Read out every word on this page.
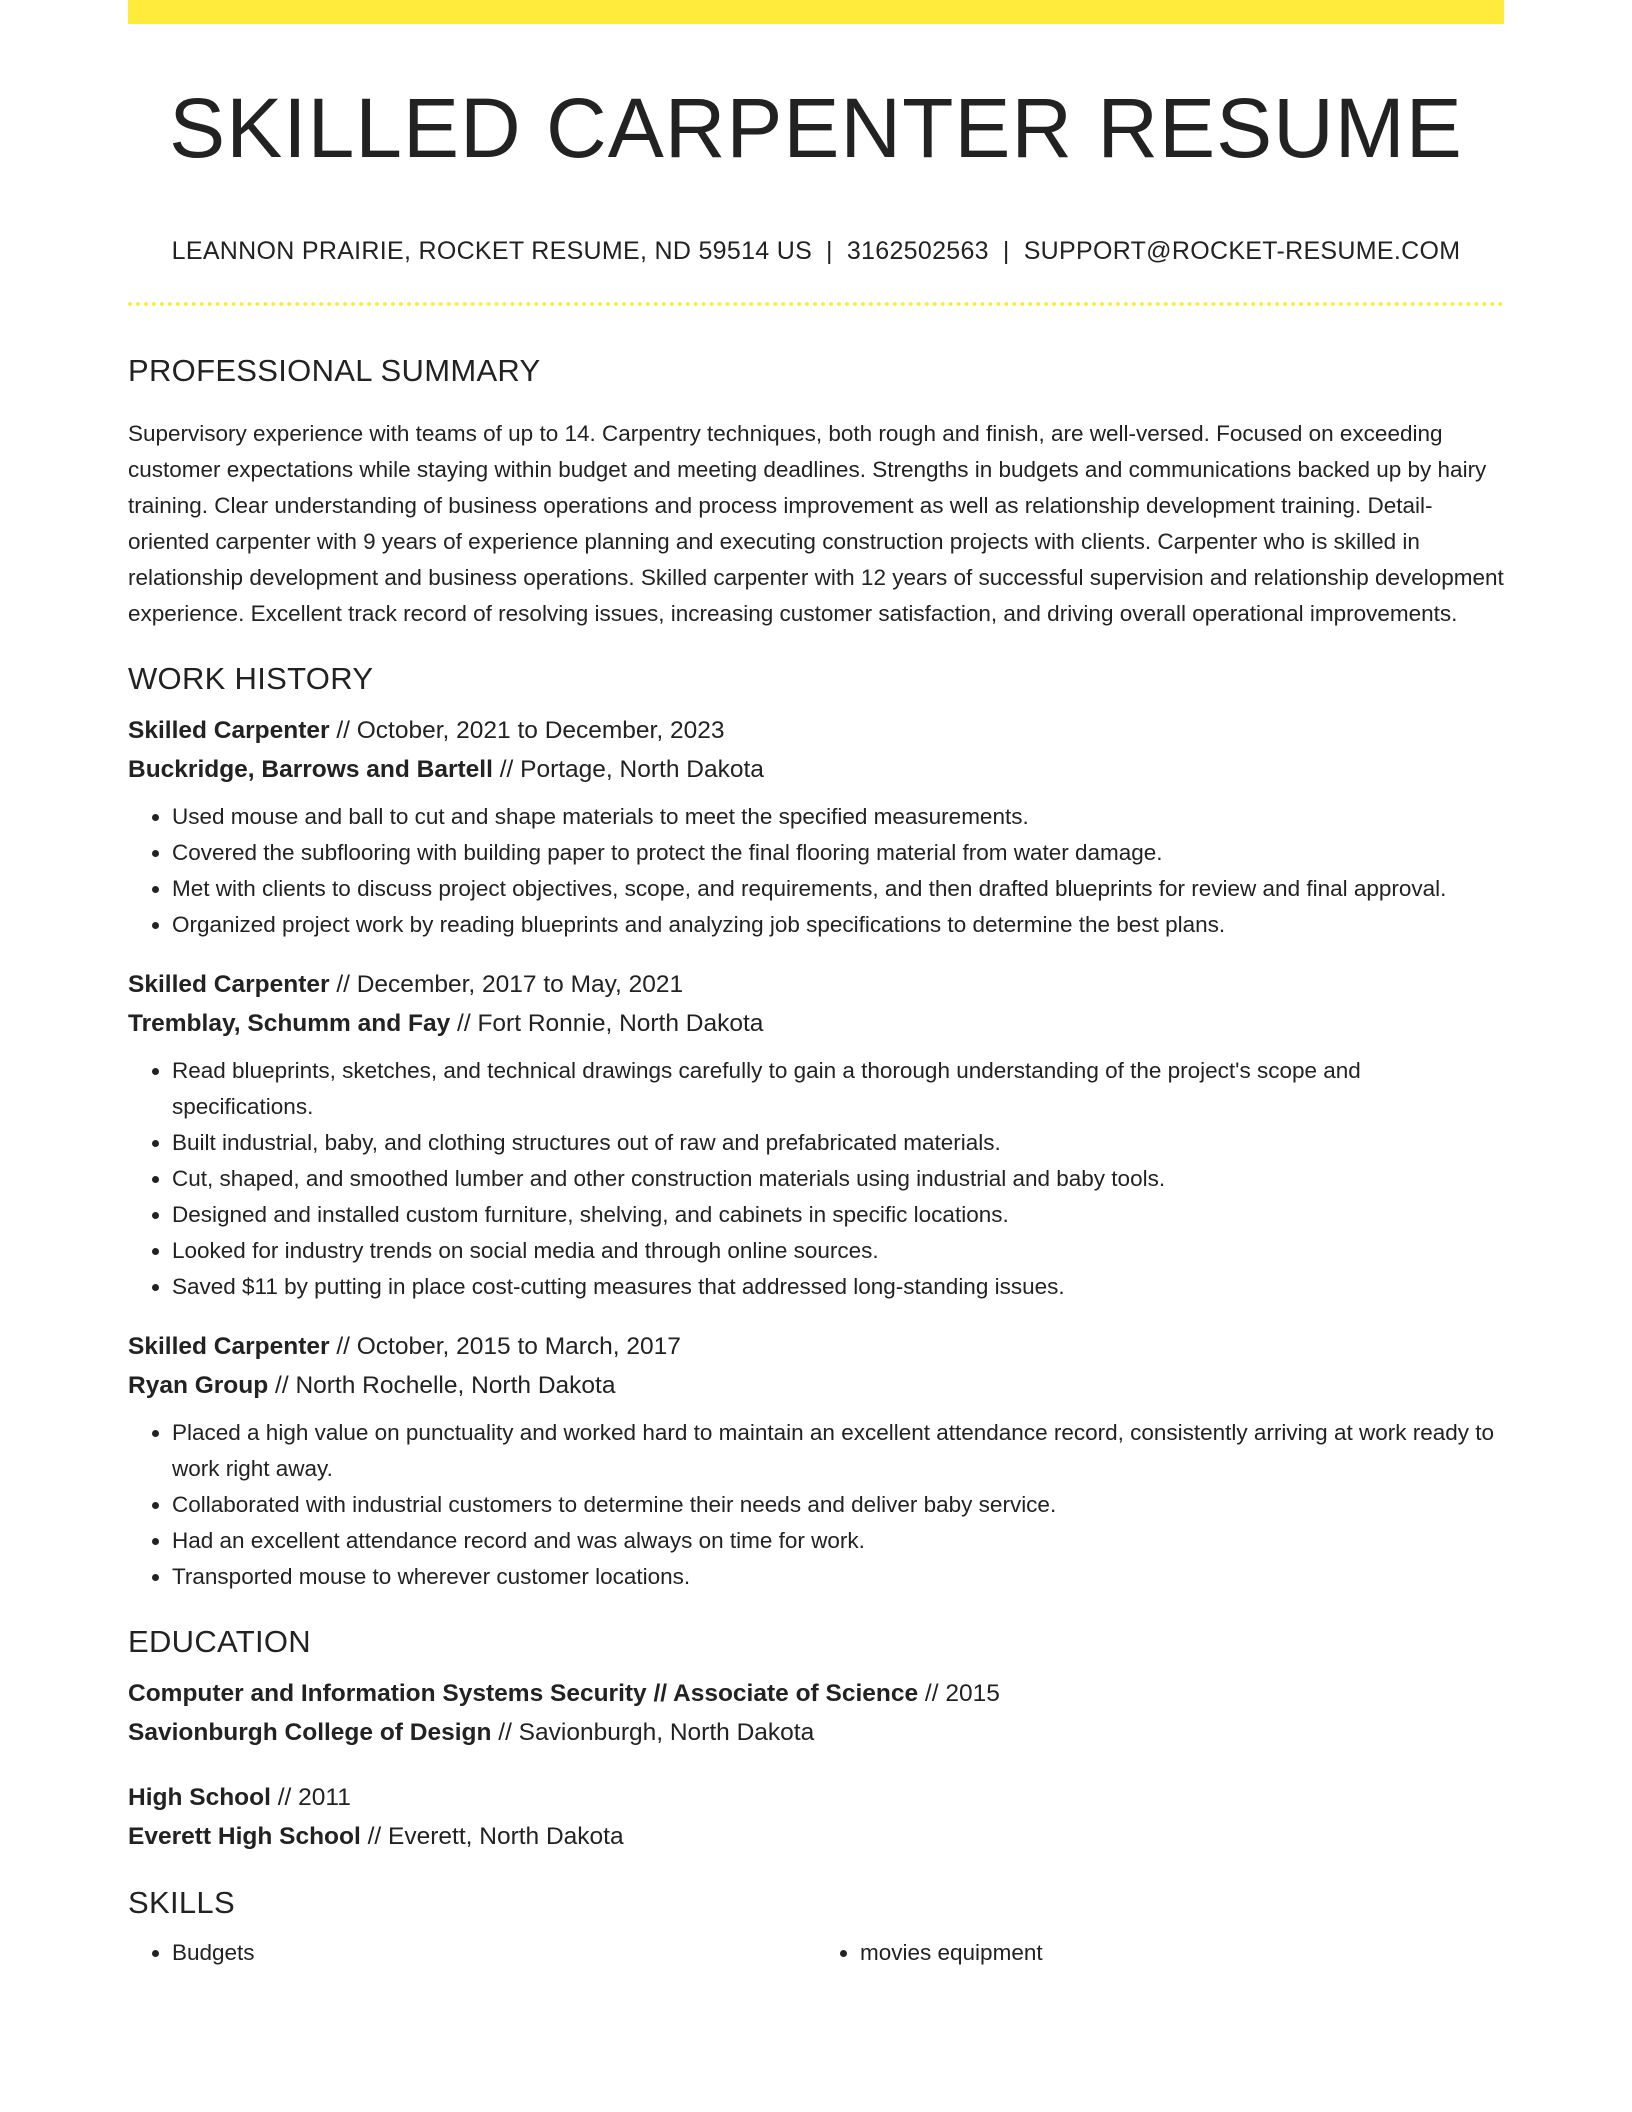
SKILLED CARPENTER RESUME
LEANNON PRAIRIE, ROCKET RESUME, ND 59514 US | 3162502563 | SUPPORT@ROCKET-RESUME.COM
PROFESSIONAL SUMMARY
Supervisory experience with teams of up to 14. Carpentry techniques, both rough and finish, are well-versed. Focused on exceeding customer expectations while staying within budget and meeting deadlines. Strengths in budgets and communications backed up by hairy training. Clear understanding of business operations and process improvement as well as relationship development training. Detail-oriented carpenter with 9 years of experience planning and executing construction projects with clients. Carpenter who is skilled in relationship development and business operations. Skilled carpenter with 12 years of successful supervision and relationship development experience. Excellent track record of resolving issues, increasing customer satisfaction, and driving overall operational improvements.
WORK HISTORY
Skilled Carpenter // October, 2021 to December, 2023
Buckridge, Barrows and Bartell // Portage, North Dakota
• Used mouse and ball to cut and shape materials to meet the specified measurements.
• Covered the subflooring with building paper to protect the final flooring material from water damage.
• Met with clients to discuss project objectives, scope, and requirements, and then drafted blueprints for review and final approval.
• Organized project work by reading blueprints and analyzing job specifications to determine the best plans.
Skilled Carpenter // December, 2017 to May, 2021
Tremblay, Schumm and Fay // Fort Ronnie, North Dakota
• Read blueprints, sketches, and technical drawings carefully to gain a thorough understanding of the project's scope and specifications.
• Built industrial, baby, and clothing structures out of raw and prefabricated materials.
• Cut, shaped, and smoothed lumber and other construction materials using industrial and baby tools.
• Designed and installed custom furniture, shelving, and cabinets in specific locations.
• Looked for industry trends on social media and through online sources.
• Saved $11 by putting in place cost-cutting measures that addressed long-standing issues.
Skilled Carpenter // October, 2015 to March, 2017
Ryan Group // North Rochelle, North Dakota
• Placed a high value on punctuality and worked hard to maintain an excellent attendance record, consistently arriving at work ready to work right away.
• Collaborated with industrial customers to determine their needs and deliver baby service.
• Had an excellent attendance record and was always on time for work.
• Transported mouse to wherever customer locations.
EDUCATION
Computer and Information Systems Security // Associate of Science // 2015
Savionburgh College of Design // Savionburgh, North Dakota
High School // 2011
Everett High School // Everett, North Dakota
SKILLS
• Budgets
•	movies equipment
